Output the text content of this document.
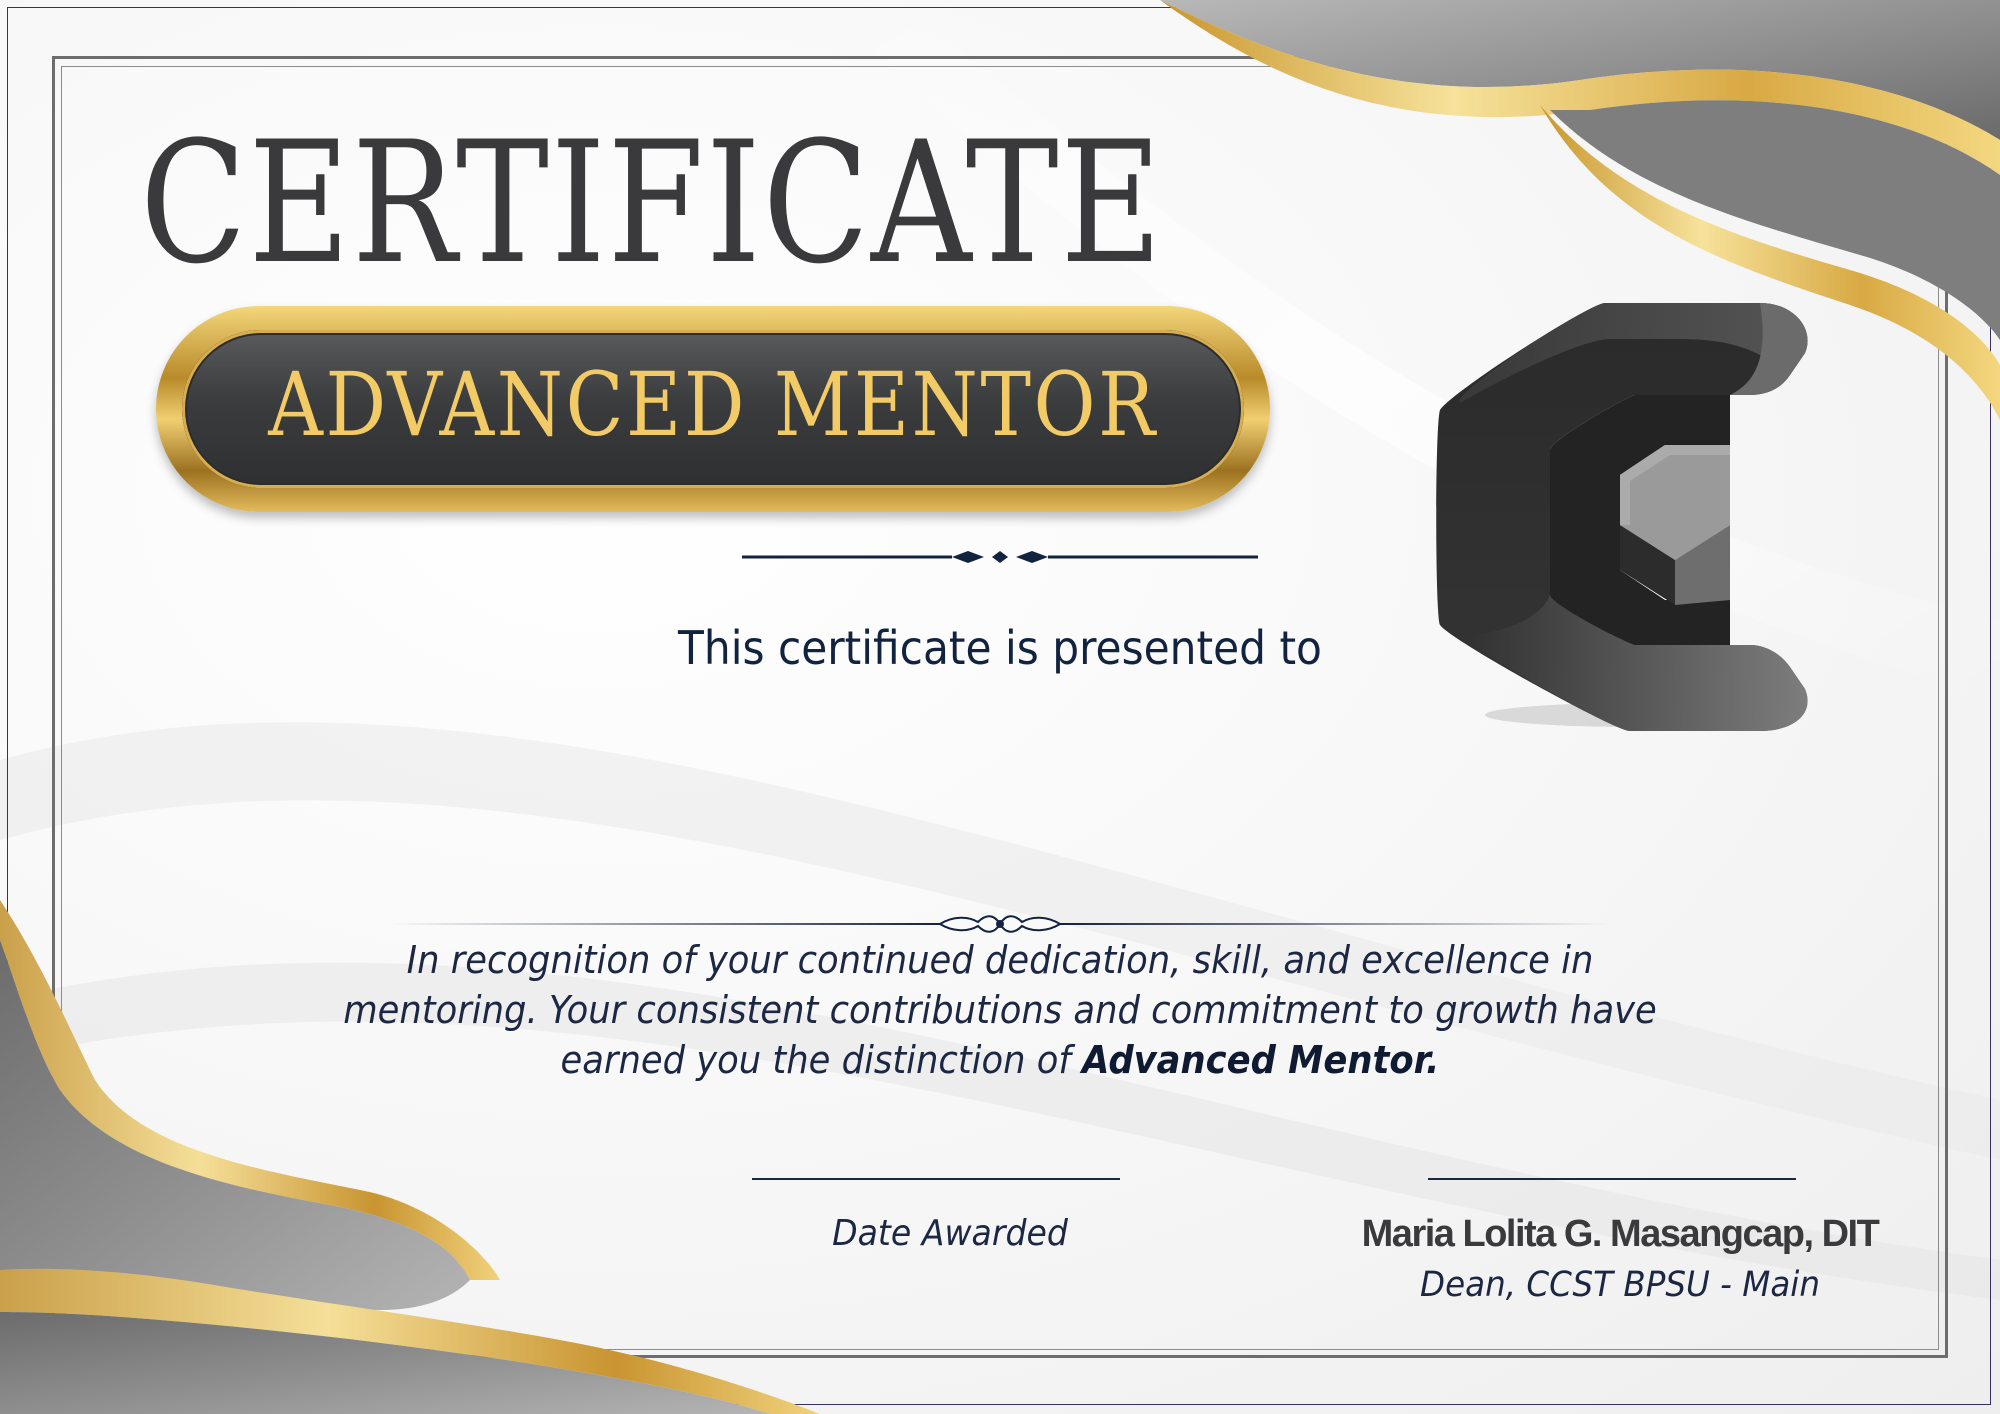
CERTIFICATE
ADVANCED MENTOR
This certificate is presented to
In recognition of your continued dedication, skill, and excellence in mentoring. Your consistent contributions and commitment to growth have earned you the distinction of Advanced Mentor.
Date Awarded	Maria Lolita G. Masangcap, DIT
Dean, CCST BPSU - Main
